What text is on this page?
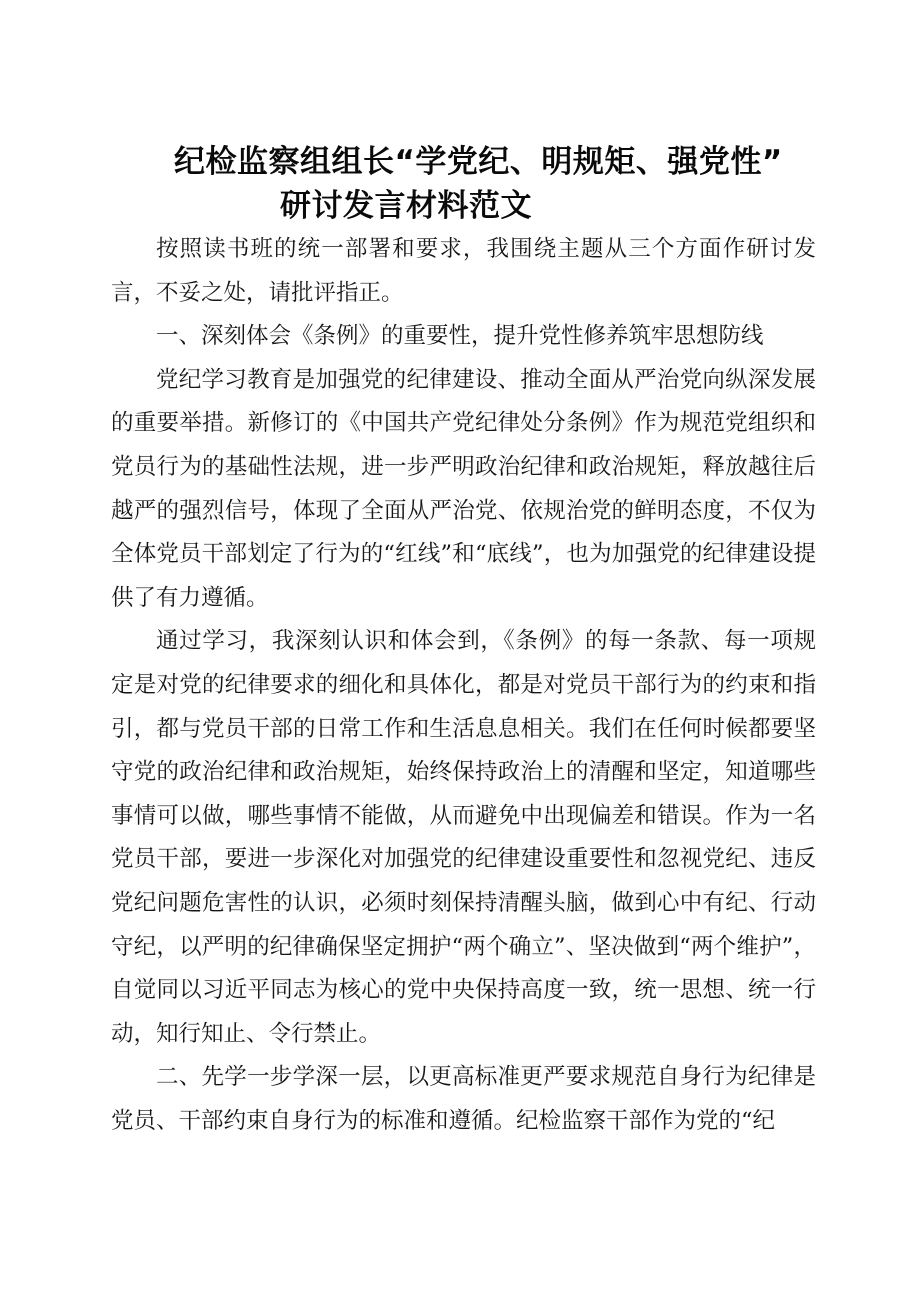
纪检监察组组长“学党纪、明规矩、强党性”
研讨发言材料范文

按照读书班的统一部署和要求，我围绕主题从三个方面作研讨发言，不妥之处，请批评指正。

一、深刻体会《条例》的重要性，提升党性修养筑牢思想防线

党纪学习教育是加强党的纪律建设、推动全面从严治党向纵深发展的重要举措。新修订的《中国共产党纪律处分条例》作为规范党组织和党员行为的基础性法规，进一步严明政治纪律和政治规矩，释放越往后越严的强烈信号，体现了全面从严治党、依规治党的鲜明态度，不仅为全体党员干部划定了行为的“红线”和“底线”，也为加强党的纪律建设提供了有力遵循。

通过学习，我深刻认识和体会到，《条例》的每一条款、每一项规定是对党的纪律要求的细化和具体化，都是对党员干部行为的约束和指引，都与党员干部的日常工作和生活息息相关。我们在任何时候都要坚守党的政治纪律和政治规矩，始终保持政治上的清醒和坚定，知道哪些事情可以做，哪些事情不能做，从而避免中出现偏差和错误。作为一名党员干部，要进一步深化对加强党的纪律建设重要性和忽视党纪、违反党纪问题危害性的认识，必须时刻保持清醒头脑，做到心中有纪、行动守纪，以严明的纪律确保坚定拥护“两个确立”、坚决做到“两个维护”，自觉同以习近平同志为核心的党中央保持高度一致，统一思想、统一行动，知行知止、令行禁止。

二、先学一步学深一层，以更高标准更严要求规范自身行为纪律是党员、干部约束自身行为的标准和遵循。纪检监察干部作为党的“纪
